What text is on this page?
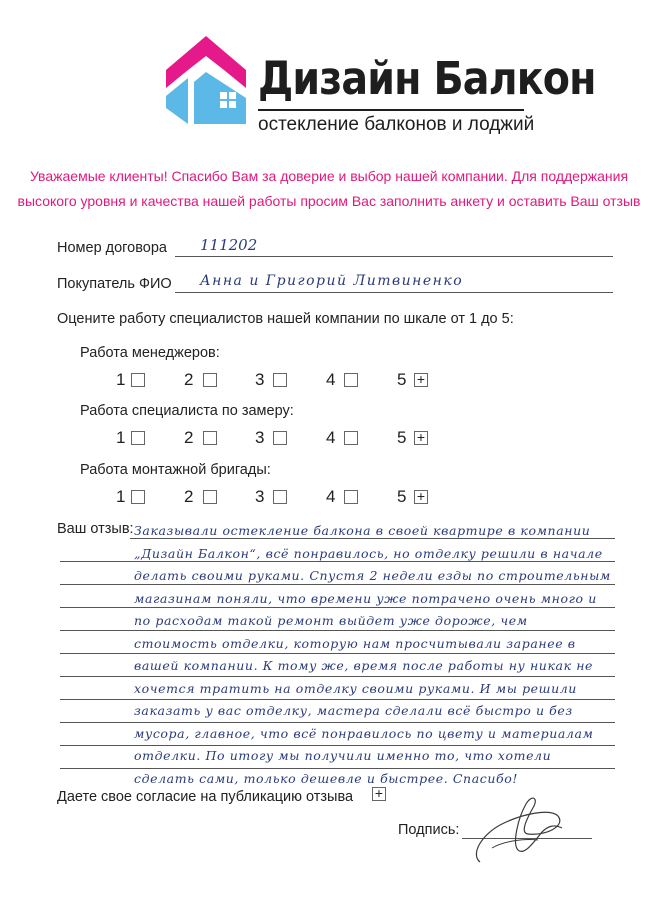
Дизайн Балкон
остекление балконов и лоджий
Уважаемые клиенты! Спасибо Вам за доверие и выбор нашей компании. Для поддержания высокого уровня и качества нашей работы просим Вас заполнить анкету и оставить Ваш отзыв
Номер договора 111202
Покупатель ФИО Анна и Григорий Литвиненко
Оцените работу специалистов нашей компании по шкале от 1 до 5:
Работа менеджеров:
1	2	3	4	5 +
Работа специалиста по замеру:
1	2	3	4	5 +
Работа монтажной бригады:
1	2	3	4	5 +
Ваш отзыв: Заказывали остекление балкона в своей квартире в компании „Дизайн Балкон“, всё понравилось, но отделку решили в начале делать своими руками. Спустя 2 недели езды по строительным магазинам поняли, что времени уже потрачено очень много и по расходам такой ремонт выйдет уже дороже, чем стоимость отделки, которую нам просчитывали заранее в вашей компании. К тому же, время после работы ну никак не хочется тратить на отделку своими руками. И мы решили заказать у вас отделку, мастера сделали всё быстро и без мусора, главное, что всё понравилось по цвету и материалам отделки. По итогу мы получили именно то, что хотели сделать сами, только дешевле и быстрее. Спасибо!
Даете свое согласие на публикацию отзыва +
Подпись:
